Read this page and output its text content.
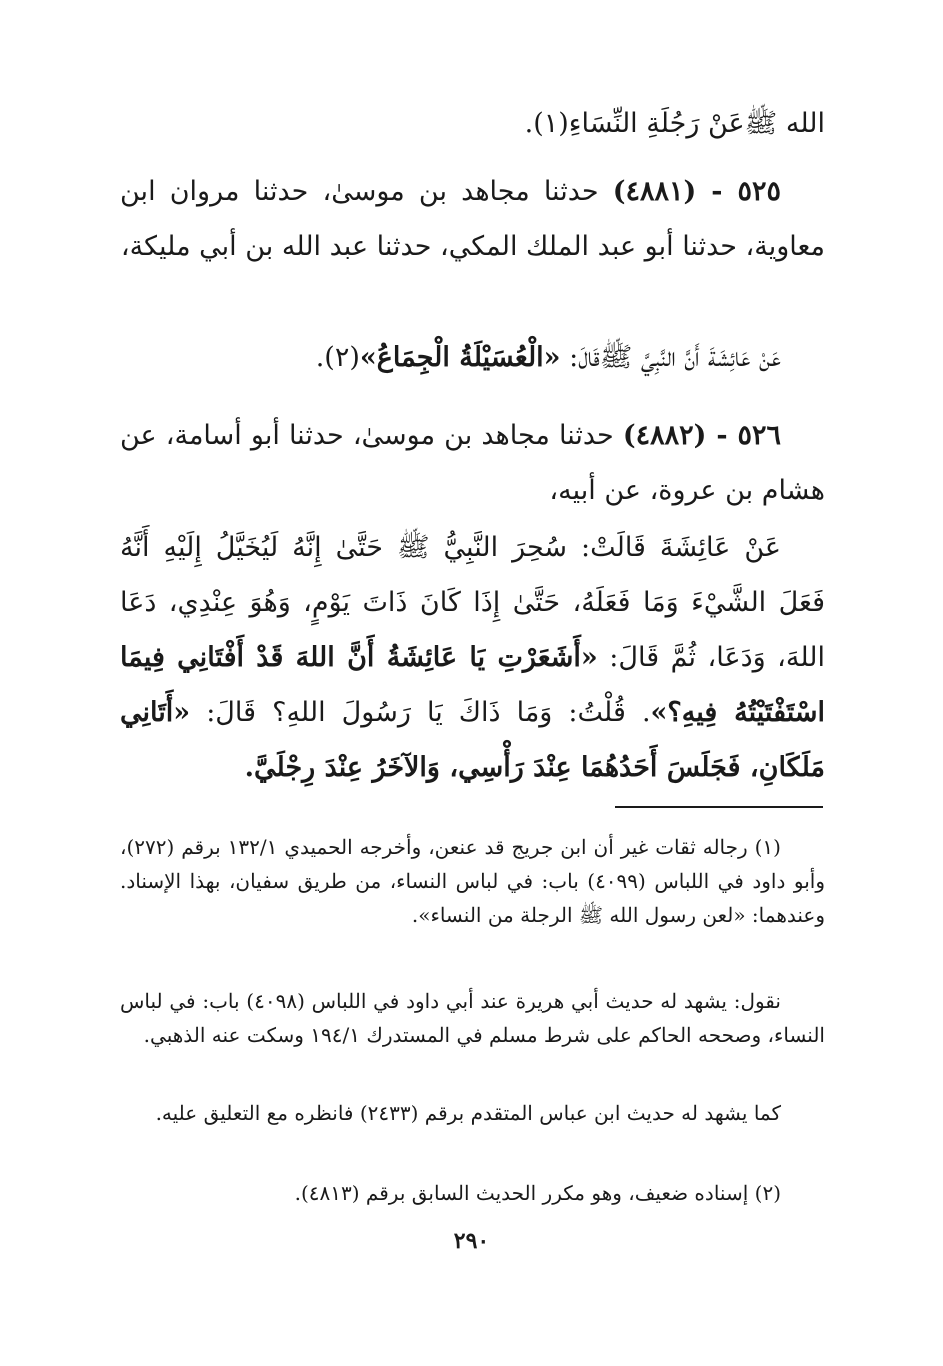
الله ﷺعَنْ رَجُلَةِ النِّسَاءِ(١).
٥٢٥ - (٤٨٨١) حدثنا مجاهد بن موسىٰ، حدثنا مروان ابن معاوية، حدثنا أبو عبد الملك المكي، حدثنا عبد الله بن أبي مليكة،
عَنْ عَائِشَةَ أَنَّ النَّبِيَّ ﷺقَالَ: «الْعُسَيْلَةُ الْجِمَاعُ»(٢).
٥٢٦ - (٤٨٨٢) حدثنا مجاهد بن موسىٰ، حدثنا أبو أسامة، عن هشام بن عروة، عن أبيه،
عَنْ عَائِشَةَ قَالَتْ: سُحِرَ النَّبِيُّ ﷺ حَتَّىٰ إِنَّهُ لَيُخَيَّلُ إِلَيْهِ أَنَّهُ فَعَلَ الشَّيْءَ وَمَا فَعَلَهُ، حَتَّىٰ إِذَا كَانَ ذَاتَ يَوْمٍ، وَهُوَ عِنْدِي، دَعَا اللهَ، وَدَعَا، ثُمَّ قَالَ: «أَشَعَرْتِ يَا عَائِشَةُ أَنَّ اللهَ قَدْ أَفْتَانِي فِيمَا اسْتَفْتَيْتُهُ فِيهِ؟». قُلْتُ: وَمَا ذَاكَ يَا رَسُولَ اللهِ؟ قَالَ: «أَتَانِي مَلَكَانِ، فَجَلَسَ أَحَدُهُمَا عِنْدَ رَأْسِي، وَالآخَرُ عِنْدَ رِجْلَيَّ.
(١) رجاله ثقات غير أن ابن جريج قد عنعن، وأخرجه الحميدي ١٣٢/١ برقم (٢٧٢)، وأبو داود في اللباس (٤٠٩٩) باب: في لباس النساء، من طريق سفيان، بهذا الإسناد. وعندهما: «لعن رسول الله ﷺ الرجلة من النساء».
نقول: يشهد له حديث أبي هريرة عند أبي داود في اللباس (٤٠٩٨) باب: في لباس النساء، وصححه الحاكم على شرط مسلم في المستدرك ١٩٤/١ وسكت عنه الذهبي.
كما يشهد له حديث ابن عباس المتقدم برقم (٢٤٣٣) فانظره مع التعليق عليه.
(٢) إسناده ضعيف، وهو مكرر الحديث السابق برقم (٤٨١٣).
٢٩٠
